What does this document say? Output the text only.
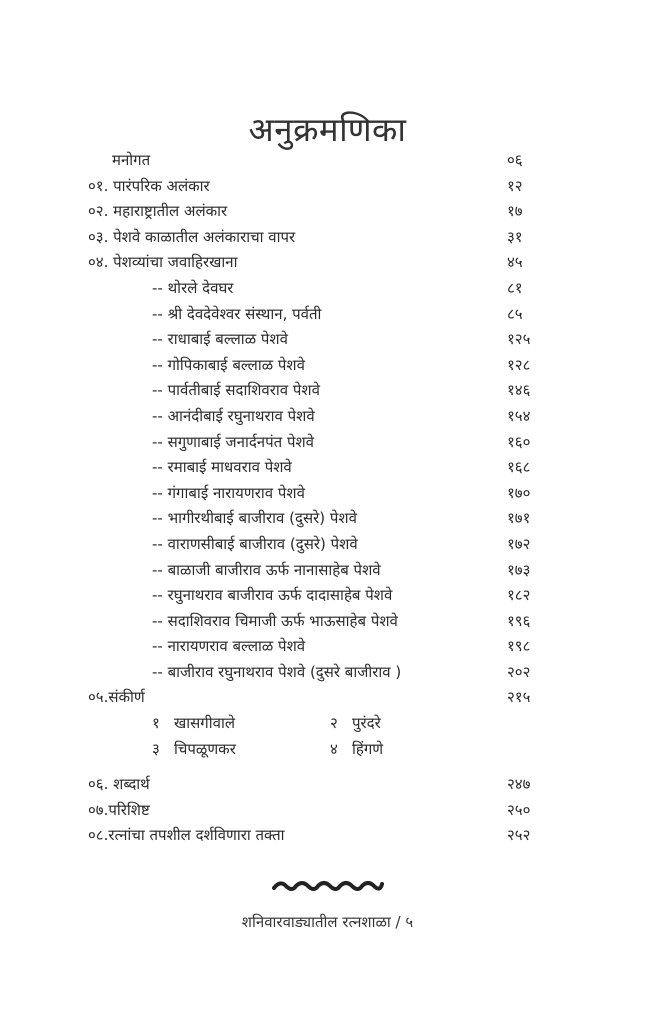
अनुक्रमणिका
मनोगत	०६
०१. पारंपरिक अलंकार	१२
०२. महाराष्ट्रातील अलंकार	१७
०३. पेशवे काळातील अलंकाराचा वापर	३१
०४. पेशव्यांचा जवाहिरखाना	४५
-- थोरले देवघर	८१
-- श्री देवदेवेश्वर संस्थान, पर्वती	८५
-- राधाबाई बल्लाळ पेशवे	१२५
-- गोपिकाबाई बल्लाळ पेशवे	१२८
-- पार्वतीबाई सदाशिवराव पेशवे	१४६
-- आनंदीबाई रघुनाथराव पेशवे	१५४
-- सगुणाबाई जनार्दनपंत पेशवे	१६०
-- रमाबाई माधवराव पेशवे	१६८
-- गंगाबाई नारायणराव पेशवे	१७०
-- भागीरथीबाई बाजीराव (दुसरे) पेशवे	१७१
-- वाराणसीबाई बाजीराव (दुसरे) पेशवे	१७२
-- बाळाजी बाजीराव ऊर्फ नानासाहेब पेशवे	१७३
-- रघुनाथराव बाजीराव ऊर्फ दादासाहेब पेशवे	१८२
-- सदाशिवराव चिमाजी ऊर्फ भाऊसाहेब पेशवे	१९६
-- नारायणराव बल्लाळ पेशवे	१९८
-- बाजीराव रघुनाथराव पेशवे (दुसरे बाजीराव )	२०२
०५.संकीर्ण	२१५
१ खासगीवाले	२ पुरंदरे
३ चिपळूणकर	४ हिंगणे
०६. शब्दार्थ	२४७
०७.परिशिष्ट	२५०
०८.रत्नांचा तपशील दर्शविणारा तक्ता	२५२
शनिवारवाड्यातील रत्नशाळा / ५
